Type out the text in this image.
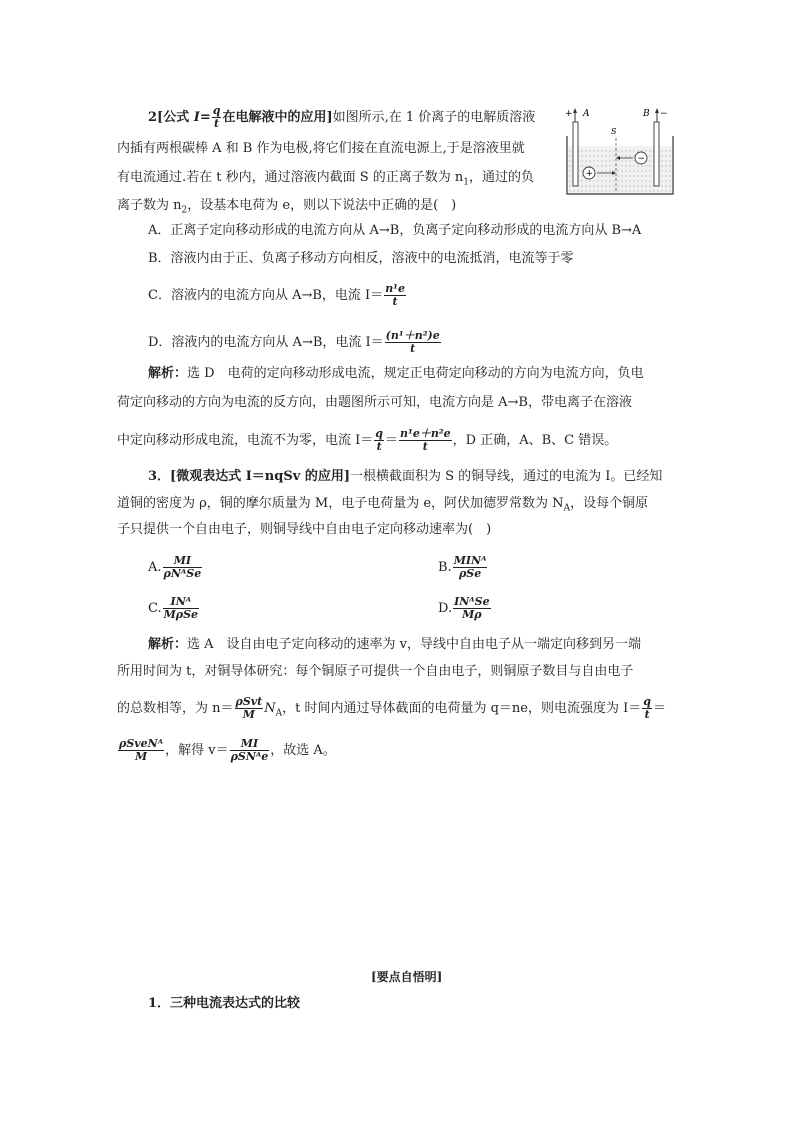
2[公式 $I= \frac{q}{t}$ 在电解液中的应用]如图所示,在 1 价离子的电解质溶液
内插有两根碳棒 A 和 B 作为电极,将它们接在直流电源上,于是溶液里就
有电流通过.若在 t 秒内，通过溶液内截面 S 的正离子数为 $n_1$，通过的负
离子数为 $n_2$，设基本电荷为 e，则以下说法中正确的是(　)
+ A	B −
S
−
+
A．正离子定向移动形成的电流方向从 A→B，负离子定向移动形成的电流方向从 B→A
B．溶液内由于正、负离子移动方向相反，溶液中的电流抵消，电流等于零
C．溶液内的电流方向从 A→B，电流 $I= \frac{\text{n¹e}}{t}$
D．溶液内的电流方向从 A→B，电流 $I= \frac{\text{(n¹＋n²)e}}{t}$
解析：选 D　电荷的定向移动形成电流，规定正电荷定向移动的方向为电流方向，负电
荷定向移动的方向为电流的反方向，由题图所示可知，电流方向是 A→B，带电离子在溶液
中定向移动形成电流，电流不为零，电流 $I= \frac{q}{t} = \frac{\text{n¹e＋n²e}}{t}$ ，D 正确，A、B、C 错误。
3．[微观表达式 I＝nqSv 的应用]一根横截面积为 S 的铜导线，通过的电流为 I。已经知
道铜的密度为 ρ，铜的摩尔质量为 M，电子电荷量为 e，阿伏加德罗常数为 $N_A$，设每个铜原
子只提供一个自由电子，则铜导线中自由电子定向移动速率为(　)
A. $\frac{MI}{\text{ρNᴬSe}}$	B. $\frac{\text{MINᴬ}}{\text{ρSe}}$
C. $\frac{\text{INᴬ}}{\text{MρSe}}$	D. $\frac{\text{INᴬSe}}{M\rho}$
解析：选 A　设自由电子定向移动的速率为 v，导线中自由电子从一端定向移到另一端
所用时间为 t，对铜导体研究：每个铜原子可提供一个自由电子，则铜原子数目与自由电子
的总数相等，为 $n= \frac{\text{ρSvt}}{M} N_A$，t 时间内通过导体截面的电荷量为 q＝ne，则电流强度为 $I= \frac{q}{t}$ ＝
$\frac{\text{ρSveNᴬ}}{M}$ ，解得 $v= \frac{MI}{\text{ρSNᴬe}}$ ，故选 A。
[要点自悟明]
1．三种电流表达式的比较
